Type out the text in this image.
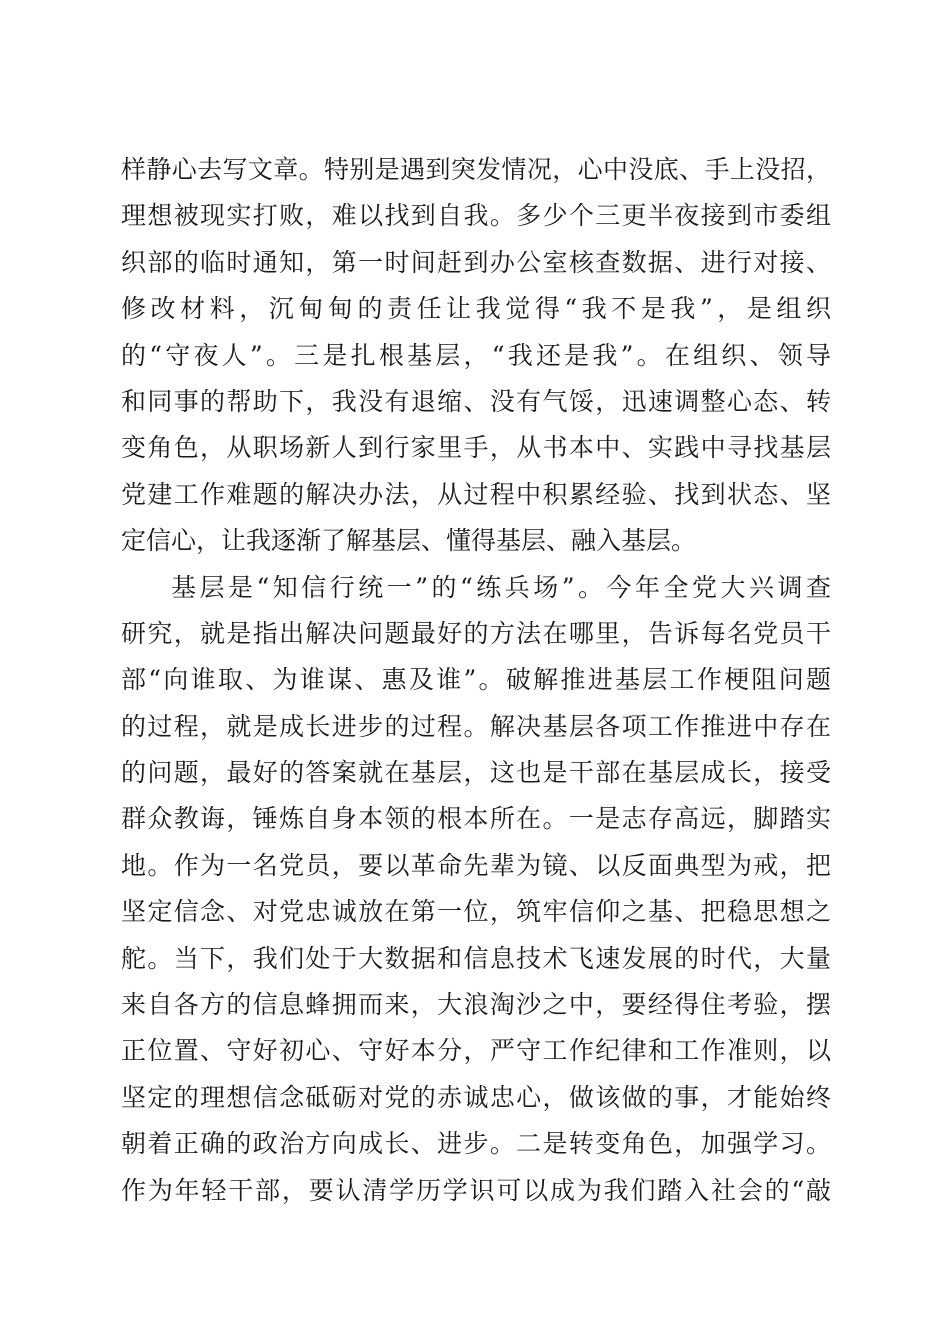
样静心去写文章。特别是遇到突发情况，心中没底、手上没招，
理想被现实打败，难以找到自我。多少个三更半夜接到市委组
织部的临时通知，第一时间赶到办公室核查数据、进行对接、
修改材料，沉甸甸的责任让我觉得“我不是我”，是组织
的“守夜人”。三是扎根基层，“我还是我”。在组织、领导
和同事的帮助下，我没有退缩、没有气馁，迅速调整心态、转
变角色，从职场新人到行家里手，从书本中、实践中寻找基层
党建工作难题的解决办法，从过程中积累经验、找到状态、坚
定信心，让我逐渐了解基层、懂得基层、融入基层。
基层是“知信行统一”的“练兵场”。今年全党大兴调查
研究，就是指出解决问题最好的方法在哪里，告诉每名党员干
部“向谁取、为谁谋、惠及谁”。破解推进基层工作梗阻问题
的过程，就是成长进步的过程。解决基层各项工作推进中存在
的问题，最好的答案就在基层，这也是干部在基层成长，接受
群众教诲，锤炼自身本领的根本所在。一是志存高远，脚踏实
地。作为一名党员，要以革命先辈为镜、以反面典型为戒，把
坚定信念、对党忠诚放在第一位，筑牢信仰之基、把稳思想之
舵。当下，我们处于大数据和信息技术飞速发展的时代，大量
来自各方的信息蜂拥而来，大浪淘沙之中，要经得住考验，摆
正位置、守好初心、守好本分，严守工作纪律和工作准则，以
坚定的理想信念砥砺对党的赤诚忠心，做该做的事，才能始终
朝着正确的政治方向成长、进步。二是转变角色，加强学习。
作为年轻干部，要认清学历学识可以成为我们踏入社会的“敲
